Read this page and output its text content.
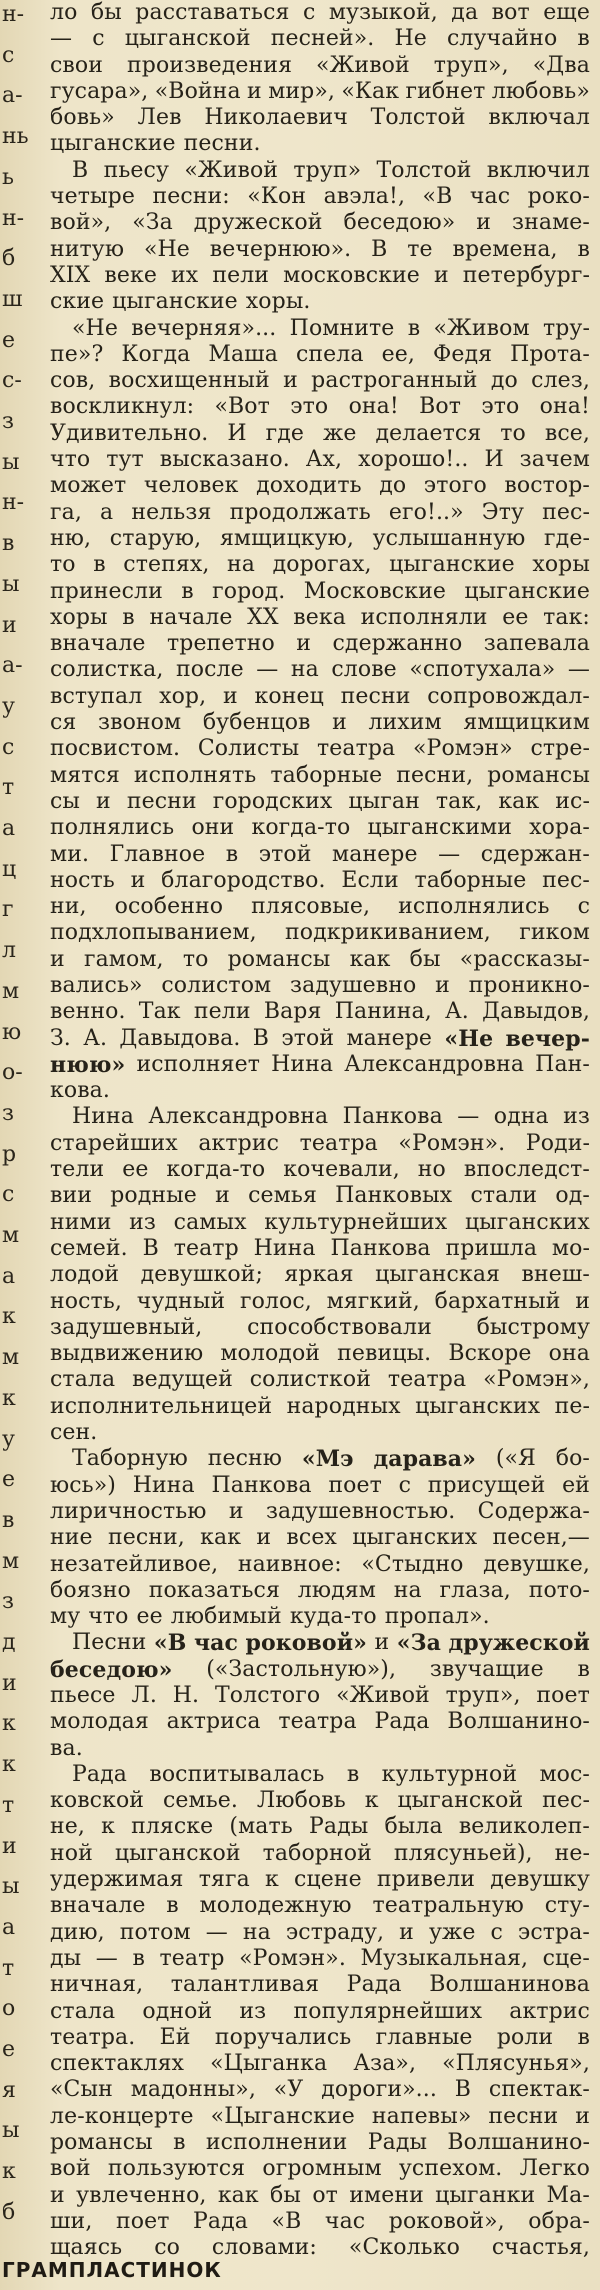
н-
с
а-
нь
ь
н-
б
ш
е
с-
з
ы
н-
в
ы
и
а-
у
с
т
а
ц
г
л
м
ю
о-
з
р
с
м
а
к
м
к
у
е
в
м
з
д
и
к
к
т
и
ы
а
т
о
е
я
ы
к
б
ло бы расставаться с музыкой, да вот еще
— с цыганской песней». Не случайно в
свои произведения «Живой труп», «Два
гусара», «Война и мир», «Как гибнет любовь»
бовь» Лев Николаевич Толстой включал
цыганские песни.
В пьесу «Живой труп» Толстой включил
четыре песни: «Кон авэла!, «В час роко-
вой», «За дружеской беседою» и знаме-
нитую «Не вечернюю». В те времена, в
XIX веке их пели московские и петербург-
ские цыганские хоры.
«Не вечерняя»... Помните в «Живом тру-
пе»? Когда Маша спела ее, Федя Прота-
сов, восхищенный и растроганный до слез,
воскликнул: «Вот это она! Вот это она!
Удивительно. И где же делается то все,
что тут высказано. Ах, хорошо!.. И зачем
может человек доходить до этого востор-
га, а нельзя продолжать его!..» Эту пес-
ню, старую, ямщицкую, услышанную где-
то в степях, на дорогах, цыганские хоры
принесли в город. Московские цыганские
хоры в начале XX века исполняли ее так:
вначале трепетно и сдержанно запевала
солистка, после — на слове «спотухала» —
вступал хор, и конец песни сопровождал-
ся звоном бубенцов и лихим ямщицким
посвистом. Солисты театра «Ромэн» стре-
мятся исполнять таборные песни, романсы
сы и песни городских цыган так, как ис-
полнялись они когда-то цыганскими хора-
ми. Главное в этой манере — сдержан-
ность и благородство. Если таборные пес-
ни, особенно плясовые, исполнялись с
подхлопыванием, подкрикиванием, гиком
и гамом, то романсы как бы «рассказы-
вались» солистом задушевно и проникно-
венно. Так пели Варя Панина, А. Давыдов,
З. А. Давыдова. В этой манере «Не вечер-
нюю» исполняет Нина Александровна Пан-
кова.
Нина Александровна Панкова — одна из
старейших актрис театра «Ромэн». Роди-
тели ее когда-то кочевали, но впоследст-
вии родные и семья Панковых стали од-
ними из самых культурнейших цыганских
семей. В театр Нина Панкова пришла мо-
лодой девушкой; яркая цыганская внеш-
ность, чудный голос, мягкий, бархатный и
задушевный, способствовали быстрому
выдвижению молодой певицы. Вскоре она
стала ведущей солисткой театра «Ромэн»,
исполнительницей народных цыганских пе-
сен.
Таборную песню «Мэ дарава» («Я бо-
юсь») Нина Панкова поет с присущей ей
лиричностью и задушевностью. Содержа-
ние песни, как и всех цыганских песен,—
незатейливое, наивное: «Стыдно девушке,
боязно показаться людям на глаза, пото-
му что ее любимый куда-то пропал».
Песни «В час роковой» и «За дружеской
беседою» («Застольную»), звучащие в
пьесе Л. Н. Толстого «Живой труп», поет
молодая актриса театра Рада Волшанино-
ва.
Рада воспитывалась в культурной мос-
ковской семье. Любовь к цыганской пес-
не, к пляске (мать Рады была великолеп-
ной цыганской таборной плясуньей), не-
удержимая тяга к сцене привели девушку
вначале в молодежную театральную сту-
дию, потом — на эстраду, и уже с эстра-
ды — в театр «Ромэн». Музыкальная, сце-
ничная, талантливая Рада Волшанинова
стала одной из популярнейших актрис
театра. Ей поручались главные роли в
спектаклях «Цыганка Аза», «Плясунья»,
«Сын мадонны», «У дороги»... В спектак-
ле-концерте «Цыганские напевы» песни и
романсы в исполнении Рады Волшанино-
вой пользуются огромным успехом. Легко
и увлеченно, как бы от имени цыганки Ма-
ши, поет Рада «В час роковой», обра-
щаясь со словами: «Сколько счастья,
ГРАМПЛАСТИНОК
